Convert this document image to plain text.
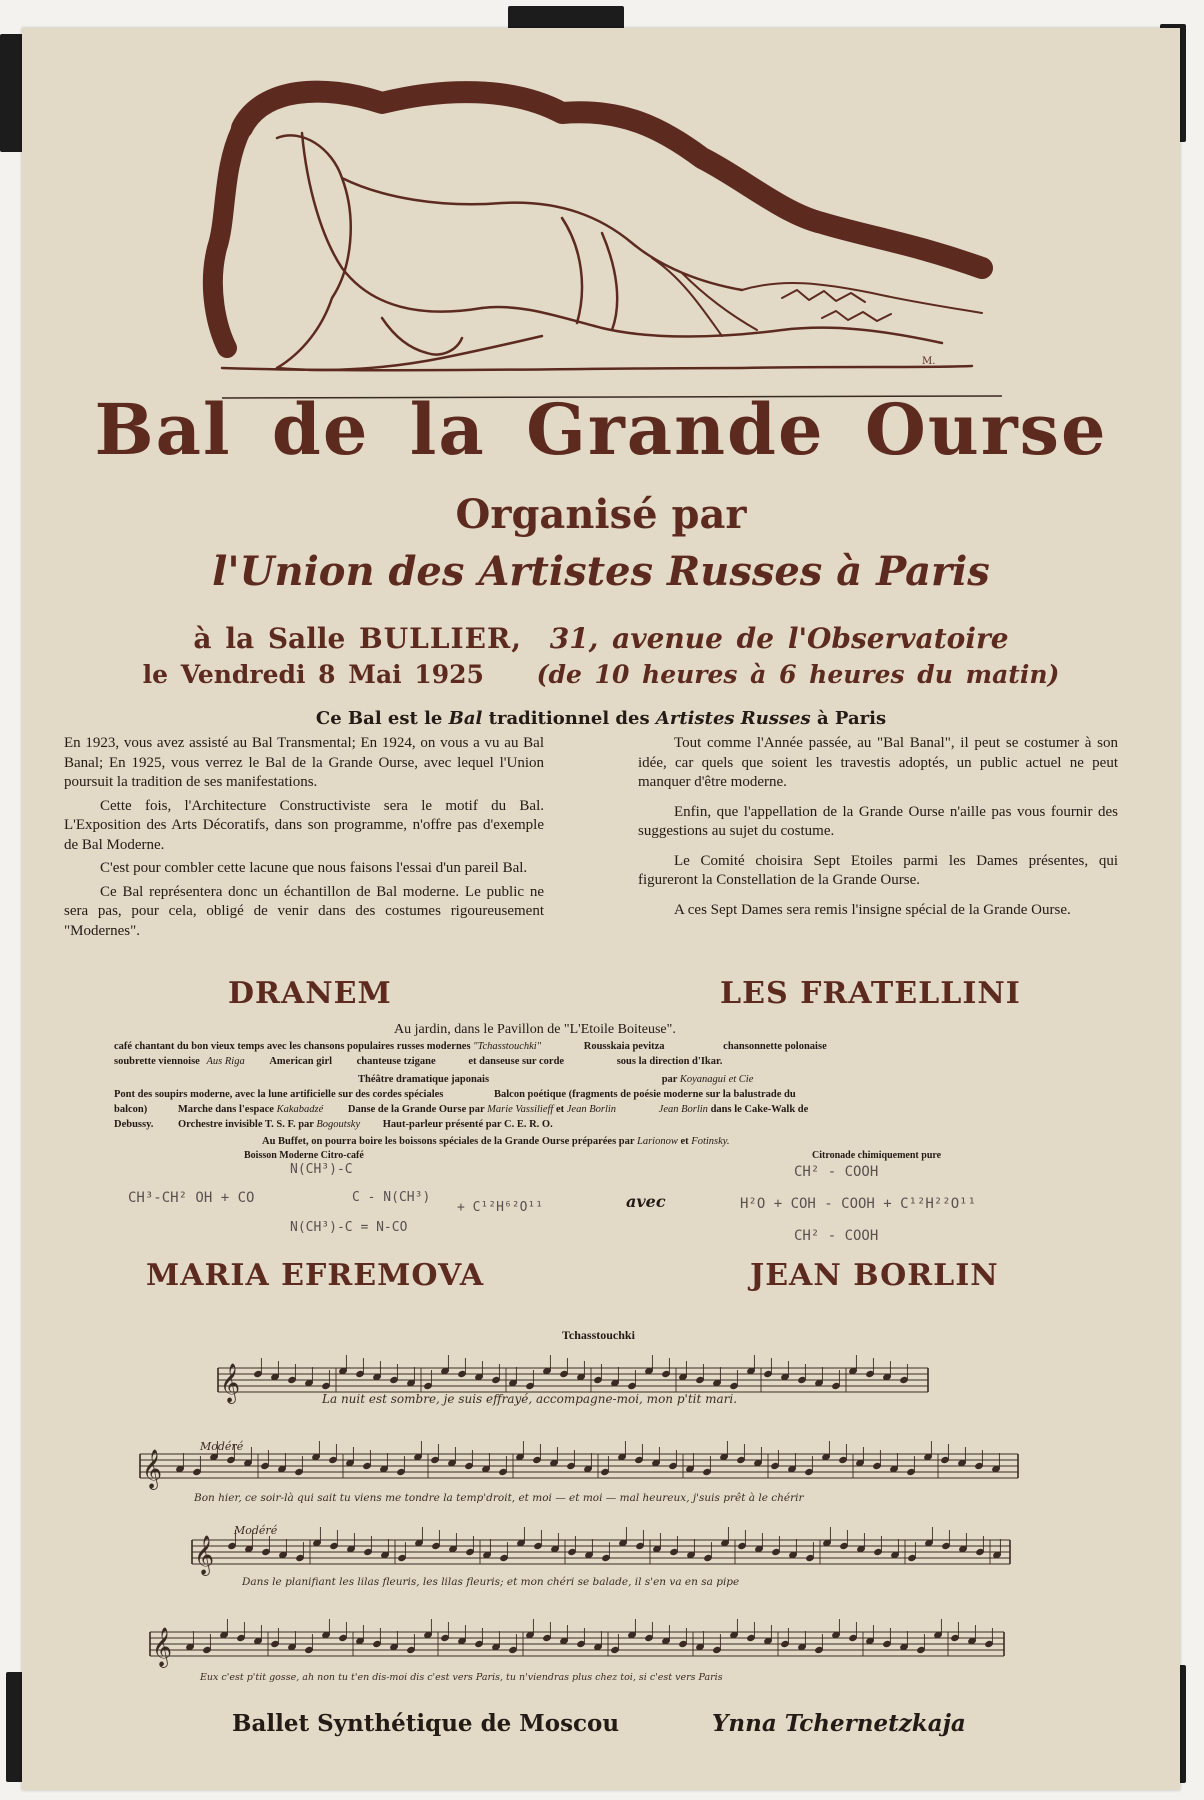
M.
Bal de la Grande Ourse
Organisé par
l'Union des Artistes Russes à Paris
à la Salle BULLIER, 31, avenue de l'Observatoire
le Vendredi 8 Mai 1925 (de 10 heures à 6 heures du matin)
Ce Bal est le Bal traditionnel des Artistes Russes à Paris

En 1923, vous avez assisté au Bal Transmental; En 1924, on vous a vu au Bal Banal; En 1925, vous verrez le Bal de la Grande Ourse, avec lequel l'Union poursuit la tradition de ses manifestations.

Cette fois, l'Architecture Constructiviste sera le motif du Bal. L'Exposition des Arts Décoratifs, dans son programme, n'offre pas d'exemple de Bal Moderne.

C'est pour combler cette lacune que nous faisons l'essai d'un pareil Bal.

Ce Bal représentera donc un échantillon de Bal moderne. Le public ne sera pas, pour cela, obligé de venir dans des costumes rigoureusement "Modernes".

Tout comme l'Année passée, au "Bal Banal", il peut se costumer à son idée, car quels que soient les travestis adoptés, un public actuel ne peut manquer d'être moderne.

Enfin, que l'appellation de la Grande Ourse n'aille pas vous fournir des suggestions au sujet du costume.

Le Comité choisira Sept Etoiles parmi les Dames présentes, qui figureront la Constellation de la Grande Ourse.

A ces Sept Dames sera remis l'insigne spécial de la Grande Ourse.

DRANEM	LES FRATELLINI
Au jardin, dans le Pavillon de "L'Etoile Boiteuse".
café chantant du bon vieux temps avec les chansons populaires russes modernes "Tchasstouchki"	Rousskaia pevitza	chansonnette polonaise
soubrette viennoise Aus Riga American girl chanteuse tzigane	et danseuse sur corde	sous la direction d'Ikar.
Théâtre dramatique japonais	par Koyanagui et Cie
Pont des soupirs moderne, avec la lune artificielle sur des cordes spéciales	Balcon poétique (fragments de poésie moderne sur la balustrade du
balcon)	Marche dans l'espace Kakabadzé Danse de la Grande Ourse par Marie Vassilieff et Jean Borlin	Jean Borlin dans le Cake-Walk de
Debussy. Orchestre invisible T. S. F. par Bogoutsky Haut-parleur présenté par C. E. R. O.
Au Buffet, on pourra boire les boissons spéciales de la Grande Ourse préparées par Larionow et Fotinsky.
Boisson Moderne Citro-café	Citronade chimiquement pure
N(CH³)-C
CH³-CH² OH + CO	C - N(CH³)
+ C¹²H⁶²O¹¹
N(CH³)-C = N-CO
avec
CH² - COOH
H²O + COH - COOH + C¹²H²²O¹¹
CH² - COOH
MARIA EFREMOVA	JEAN BORLIN
Tchasstouchki
Modéré
Modéré
𝄞
𝄞
𝄞
𝄞
La nuit est sombre, je suis effrayé, accompagne-moi, mon p'tit mari.
Bon hier, ce soir-là qui sait tu viens me tondre la temp'droit, et moi — et moi — mal heureux, j'suis prêt à le chérir
Dans le planifiant les lilas fleuris, les lilas fleuris; et mon chéri se balade, il s'en va en sa pipe
Eux c'est p'tit gosse, ah non tu t'en dis-moi dis c'est vers Paris, tu n'viendras plus chez toi, si c'est vers Paris
Ballet Synthétique de Moscou	Ynna Tchernetzkaja
